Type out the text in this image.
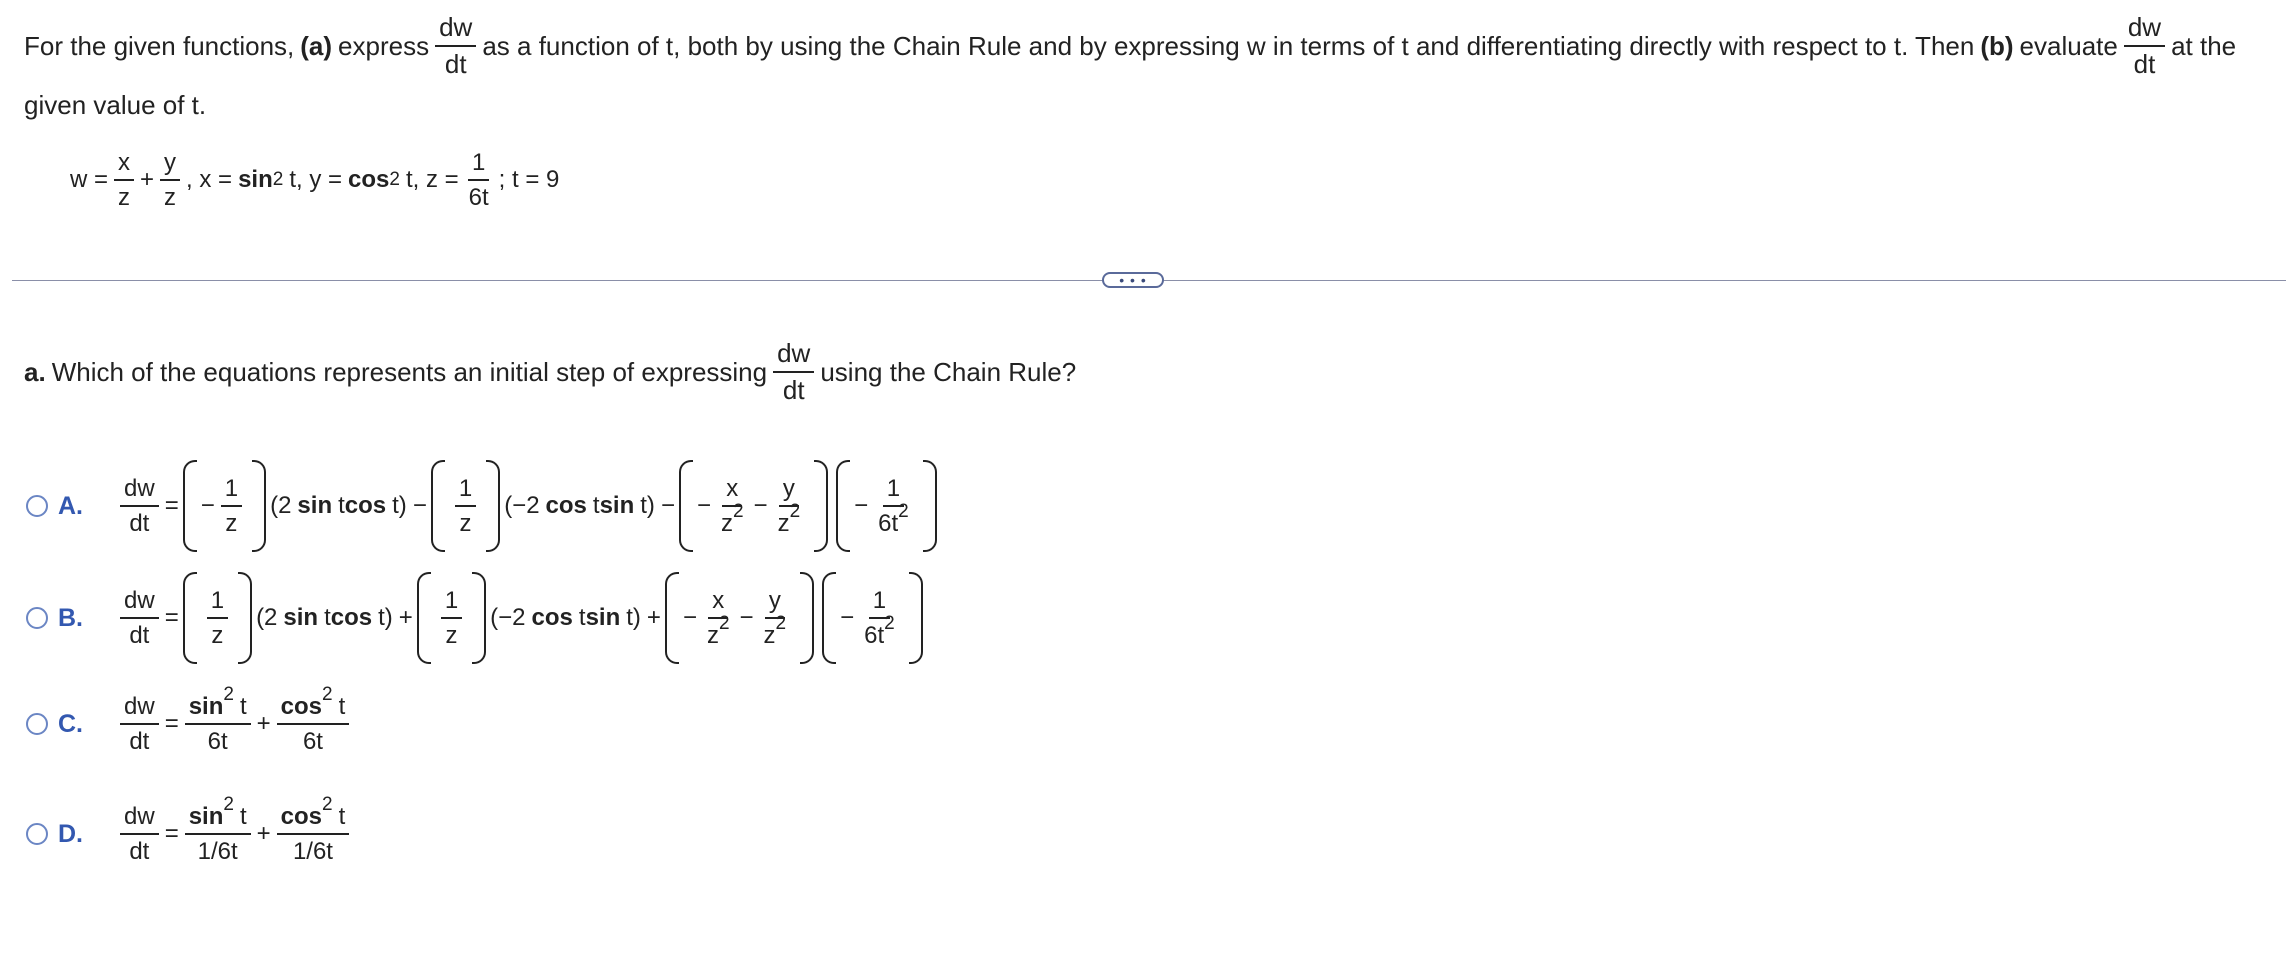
For the given functions, (a) express $\frac{dw}{dt}$ as a function of t, both by using the Chain Rule and by expressing w in terms of t and differentiating directly with respect to t. Then (b) evaluate $\frac{dw}{dt}$ at the
given value of t.
$w = \frac{x}{z} + \frac{y}{z}$ , x = sin 2 t, y = cos 2 t, $z = \frac{1}{6t}$ ; t = 9
• • •
a. Which of the equations represents an initial step of expressing $\frac{dw}{dt}$ using the Chain Rule?
A. $\frac{dw}{dt}$ = − $\frac{1}{z} (2$ sin t $\cos t) - \frac{1}{z} (-2$ cos t sin t) − − $\frac{x}{z^2} - \frac{y}{z^2} - \frac{1}{6t^2}$
B. $\frac{dw}{dt} = \frac{1}{z} (2$ sin t $\cos t) + \frac{1}{z} (-2$ cos t sin t) + − $\frac{x}{z^2} - \frac{y}{z^2} - \frac{1}{6t^2}$
C. $\frac{dw}{dt} = \frac{\sin^2 t}{6t} + \frac{\cos^2 t}{6t}$
D. $\frac{dw}{dt} = \frac{\sin^2 t}{1/6t} + \frac{\cos^2 t}{1/6t}$
